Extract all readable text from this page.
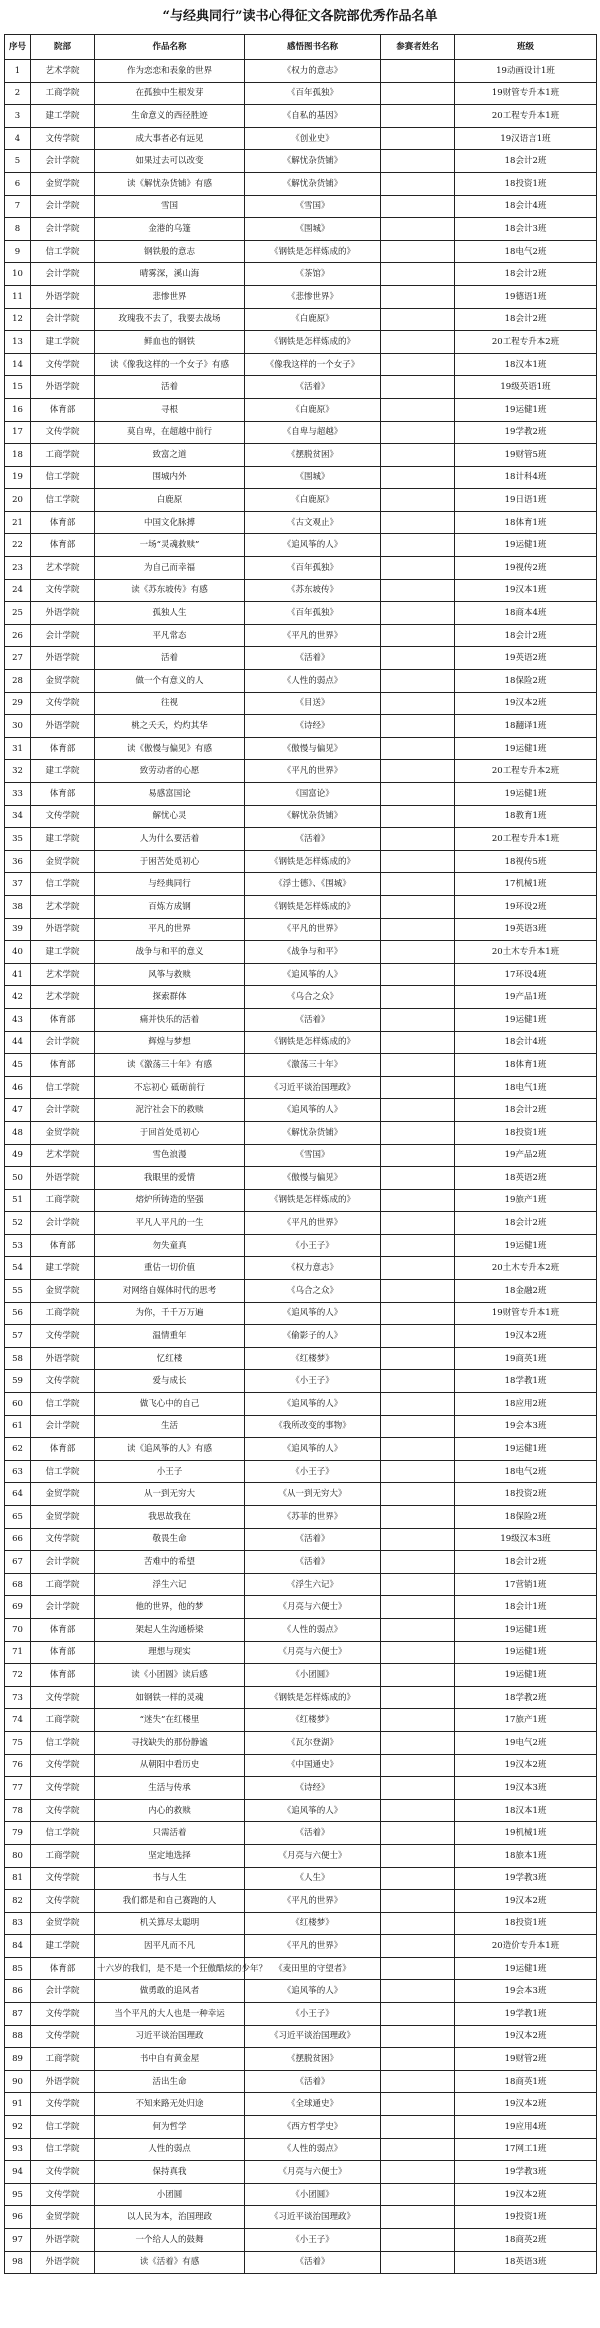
“与经典同行”读书心得征文各院部优秀作品名单
序号	院部	作品名称	感悟图书名称	参赛者姓名	班级
1	艺术学院	作为恋恋和表象的世界	《权力的意志》		19动画设计1班
2	工商学院	在孤独中生根发芽	《百年孤独》		19财管专升本1班
3	建工学院	生命意义的西径胜迹	《自私的基因》		20工程专升本1班
4	文传学院	成大事者必有远见	《创业史》		19汉语言1班
5	会计学院	如果过去可以改变	《解忧杂货铺》		18会计2班
6	金贸学院	读《解忧杂货铺》有感	《解忧杂货铺》		18投资1班
7	会计学院	雪国	《雪国》		18会计4班
8	会计学院	金港的乌篷	《围城》		18会计3班
9	信工学院	钢铁般的意志	《钢铁是怎样炼成的》		18电气2班
10	会计学院	晴雾深，溪山海	《茶馆》		18会计2班
11	外语学院	悲惨世界	《悲惨世界》		19德语1班
12	会计学院	玫瑰我不去了，我要去战场	《白鹿原》		18会计2班
13	建工学院	鲜血也的钢铁	《钢铁是怎样炼成的》		20工程专升本2班
14	文传学院	读《像我这样的一个女子》有感	《像我这样的一个女子》		18汉本1班
15	外语学院	活着	《活着》		19级英语1班
16	体育部	寻根	《白鹿原》		19运健1班
17	文传学院	莫自卑，在超越中前行	《自卑与超越》		19学教2班
18	工商学院	致富之道	《摆脱贫困》		19财管5班
19	信工学院	围城内外	《围城》		18计科4班
20	信工学院	白鹿原	《白鹿原》		19日语1班
21	体育部	中国文化脉搏	《古文观止》		18体育1班
22	体育部	一场“灵魂救赎”	《追风筝的人》		19运健1班
23	艺术学院	为自己而幸福	《百年孤独》		19视传2班
24	文传学院	读《苏东坡传》有感	《苏东坡传》		19汉本1班
25	外语学院	孤独人生	《百年孤独》		18商本4班
26	会计学院	平凡常态	《平凡的世界》		18会计2班
27	外语学院	活着	《活着》		19英语2班
28	金贸学院	做一个有意义的人	《人性的弱点》		18保险2班
29	文传学院	往视	《目送》		19汉本2班
30	外语学院	桃之夭夭，灼灼其华	《诗经》		18翻译1班
31	体育部	读《傲慢与偏见》有感	《傲慢与偏见》		19运健1班
32	建工学院	致劳动者的心愿	《平凡的世界》		20工程专升本2班
33	体育部	易感富国论	《国富论》		19运健1班
34	文传学院	解忧心灵	《解忧杂货铺》		18教育1班
35	建工学院	人为什么要活着	《活着》		20工程专升本1班
36	金贸学院	于困苦处觅初心	《钢铁是怎样炼成的》		18视传5班
37	信工学院	与经典同行	《浮士德》、《围城》		17机械1班
38	艺术学院	百炼方成钢	《钢铁是怎样炼成的》		19环设2班
39	外语学院	平凡的世界	《平凡的世界》		19英语3班
40	建工学院	战争与和平的意义	《战争与和平》		20土木专升本1班
41	艺术学院	风筝与救赎	《追风筝的人》		17环设4班
42	艺术学院	探索群体	《乌合之众》		19产品1班
43	体育部	痛并快乐的活着	《活着》		19运健1班
44	会计学院	辉煌与梦想	《钢铁是怎样炼成的》		18会计4班
45	体育部	读《激荡三十年》有感	《激荡三十年》		18体育1班
46	信工学院	不忘初心 砥砺前行	《习近平谈治国理政》		18电气1班
47	会计学院	泥泞社会下的救赎	《追风筝的人》		18会计2班
48	金贸学院	于回首处觅初心	《解忧杂货铺》		18投资1班
49	艺术学院	雪色浪漫	《雪国》		19产品2班
50	外语学院	我眼里的爱情	《傲慢与偏见》		18英语2班
51	工商学院	熔炉所铸造的坚强	《钢铁是怎样炼成的》		19旅产1班
52	会计学院	平凡人平凡的一生	《平凡的世界》		18会计2班
53	体育部	勿失童真	《小王子》		19运健1班
54	建工学院	重估一切价值	《权力意志》		20土木专升本2班
55	金贸学院	对网络自媒体时代的思考	《乌合之众》		18金融2班
56	工商学院	为你，千千万万遍	《追风筝的人》		19财管专升本1班
57	文传学院	温情重年	《偷影子的人》		19汉本2班
58	外语学院	忆红楼	《红楼梦》		19商英1班
59	文传学院	爱与成长	《小王子》		18学教1班
60	信工学院	做飞心中的自己	《追风筝的人》		18应用2班
61	会计学院	生活	《我所改变的事物》		19会本3班
62	体育部	读《追风筝的人》有感	《追风筝的人》		19运健1班
63	信工学院	小王子	《小王子》		18电气2班
64	金贸学院	从一到无穷大	《从一到无穷大》		18投资2班
65	金贸学院	我思故我在	《苏菲的世界》		18保险2班
66	文传学院	敬畏生命	《活着》		19级汉本3班
67	会计学院	苦难中的希望	《活着》		18会计2班
68	工商学院	浮生六记	《浮生六记》		17营销1班
69	会计学院	他的世界，他的梦	《月亮与六便士》		18会计1班
70	体育部	架起人生沟通桥梁	《人性的弱点》		19运健1班
71	体育部	理想与现实	《月亮与六便士》		19运健1班
72	体育部	读《小团圆》读后感	《小团圆》		19运健1班
73	文传学院	如钢铁一样的灵魂	《钢铁是怎样炼成的》		18学教2班
74	工商学院	“迷失”在红楼里	《红楼梦》		17旅产1班
75	信工学院	寻找缺失的那份静谧	《瓦尔登湖》		19电气2班
76	文传学院	从朝阳中看历史	《中国通史》		19汉本2班
77	文传学院	生活与传承	《诗经》		19汉本3班
78	文传学院	内心的救赎	《追风筝的人》		18汉本1班
79	信工学院	只需活着	《活着》		19机械1班
80	工商学院	坚定地选择	《月亮与六便士》		18旅本1班
81	文传学院	书与人生	《人生》		19学教3班
82	文传学院	我们都是和自己赛跑的人	《平凡的世界》		19汉本2班
83	金贸学院	机关算尽太聪明	《红楼梦》		18投资1班
84	建工学院	因平凡而不凡	《平凡的世界》		20造价专升本1班
85	体育部	十六岁的我们，是不是一个狂傲酷炫的少年？	《麦田里的守望者》		19运健1班
86	会计学院	做勇敢的追风者	《追风筝的人》		19会本3班
87	文传学院	当个平凡的大人也是一种幸运	《小王子》		19学教1班
88	文传学院	习近平谈治国理政	《习近平谈治国理政》		19汉本2班
89	工商学院	书中自有黄金屋	《摆脱贫困》		19财管2班
90	外语学院	活出生命	《活着》		18商英1班
91	文传学院	不知来路无处归途	《全球通史》		19汉本2班
92	信工学院	何为哲学	《西方哲学史》		19应用4班
93	信工学院	人性的弱点	《人性的弱点》		17网工1班
94	文传学院	保持真我	《月亮与六便士》		19学教3班
95	文传学院	小团圆	《小团圆》		19汉本2班
96	金贸学院	以人民为本，治国理政	《习近平谈治国理政》		19投资1班
97	外语学院	一个给人人的鼓舞	《小王子》		18商英2班
98	外语学院	读《活着》有感	《活着》		18英语3班
